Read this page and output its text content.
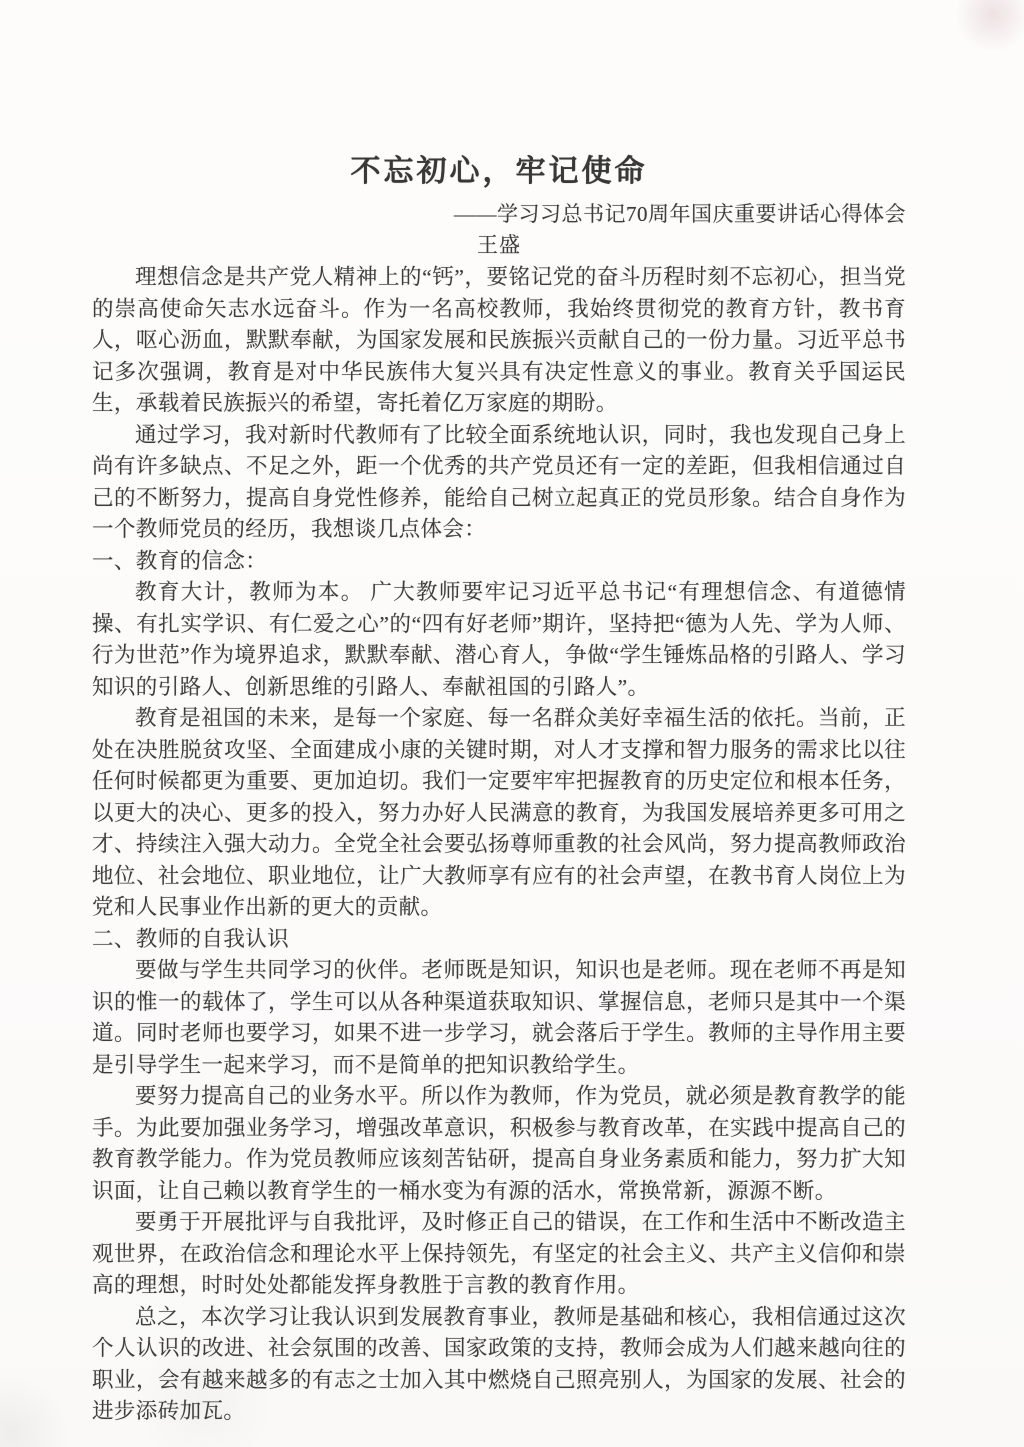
不忘初心，牢记使命

——学习习总书记70周年国庆重要讲话心得体会

王盛

理想信念是共产党人精神上的“钙”，要铭记党的奋斗历程时刻不忘初心，担当党的崇高使命矢志水远奋斗。作为一名高校教师，我始终贯彻党的教育方针，教书育人，呕心沥血，默默奉献，为国家发展和民族振兴贡献自己的一份力量。习近平总书记多次强调，教育是对中华民族伟大复兴具有决定性意义的事业。教育关乎国运民生，承载着民族振兴的希望，寄托着亿万家庭的期盼。

通过学习，我对新时代教师有了比较全面系统地认识，同时，我也发现自己身上尚有许多缺点、不足之外，距一个优秀的共产党员还有一定的差距，但我相信通过自己的不断努力，提高自身党性修养，能给自己树立起真正的党员形象。结合自身作为一个教师党员的经历，我想谈几点体会：

一、教育的信念：

教育大计，教师为本。 广大教师要牢记习近平总书记“有理想信念、有道德情操、有扎实学识、有仁爱之心”的“四有好老师”期许，坚持把“德为人先、学为人师、行为世范”作为境界追求，默默奉献、潜心育人，争做“学生锤炼品格的引路人、学习知识的引路人、创新思维的引路人、奉献祖国的引路人”。

教育是祖国的未来，是每一个家庭、每一名群众美好幸福生活的依托。当前，正处在决胜脱贫攻坚、全面建成小康的关键时期，对人才支撑和智力服务的需求比以往任何时候都更为重要、更加迫切。我们一定要牢牢把握教育的历史定位和根本任务，以更大的决心、更多的投入，努力办好人民满意的教育，为我国发展培养更多可用之才、持续注入强大动力。全党全社会要弘扬尊师重教的社会风尚，努力提高教师政治地位、社会地位、职业地位，让广大教师享有应有的社会声望，在教书育人岗位上为党和人民事业作出新的更大的贡献。

二、教师的自我认识

要做与学生共同学习的伙伴。老师既是知识，知识也是老师。现在老师不再是知识的惟一的载体了，学生可以从各种渠道获取知识、掌握信息，老师只是其中一个渠道。同时老师也要学习，如果不进一步学习，就会落后于学生。教师的主导作用主要是引导学生一起来学习，而不是简单的把知识教给学生。

要努力提高自己的业务水平。所以作为教师，作为党员，就必须是教育教学的能手。为此要加强业务学习，增强改革意识，积极参与教育改革，在实践中提高自己的教育教学能力。作为党员教师应该刻苦钻研，提高自身业务素质和能力，努力扩大知识面，让自己赖以教育学生的一桶水变为有源的活水，常换常新，源源不断。

要勇于开展批评与自我批评，及时修正自己的错误，在工作和生活中不断改造主观世界，在政治信念和理论水平上保持领先，有坚定的社会主义、共产主义信仰和崇高的理想，时时处处都能发挥身教胜于言教的教育作用。

总之，本次学习让我认识到发展教育事业，教师是基础和核心，我相信通过这次个人认识的改进、社会氛围的改善、国家政策的支持，教师会成为人们越来越向往的职业，会有越来越多的有志之士加入其中燃烧自己照亮别人，为国家的发展、社会的进步添砖加瓦。
